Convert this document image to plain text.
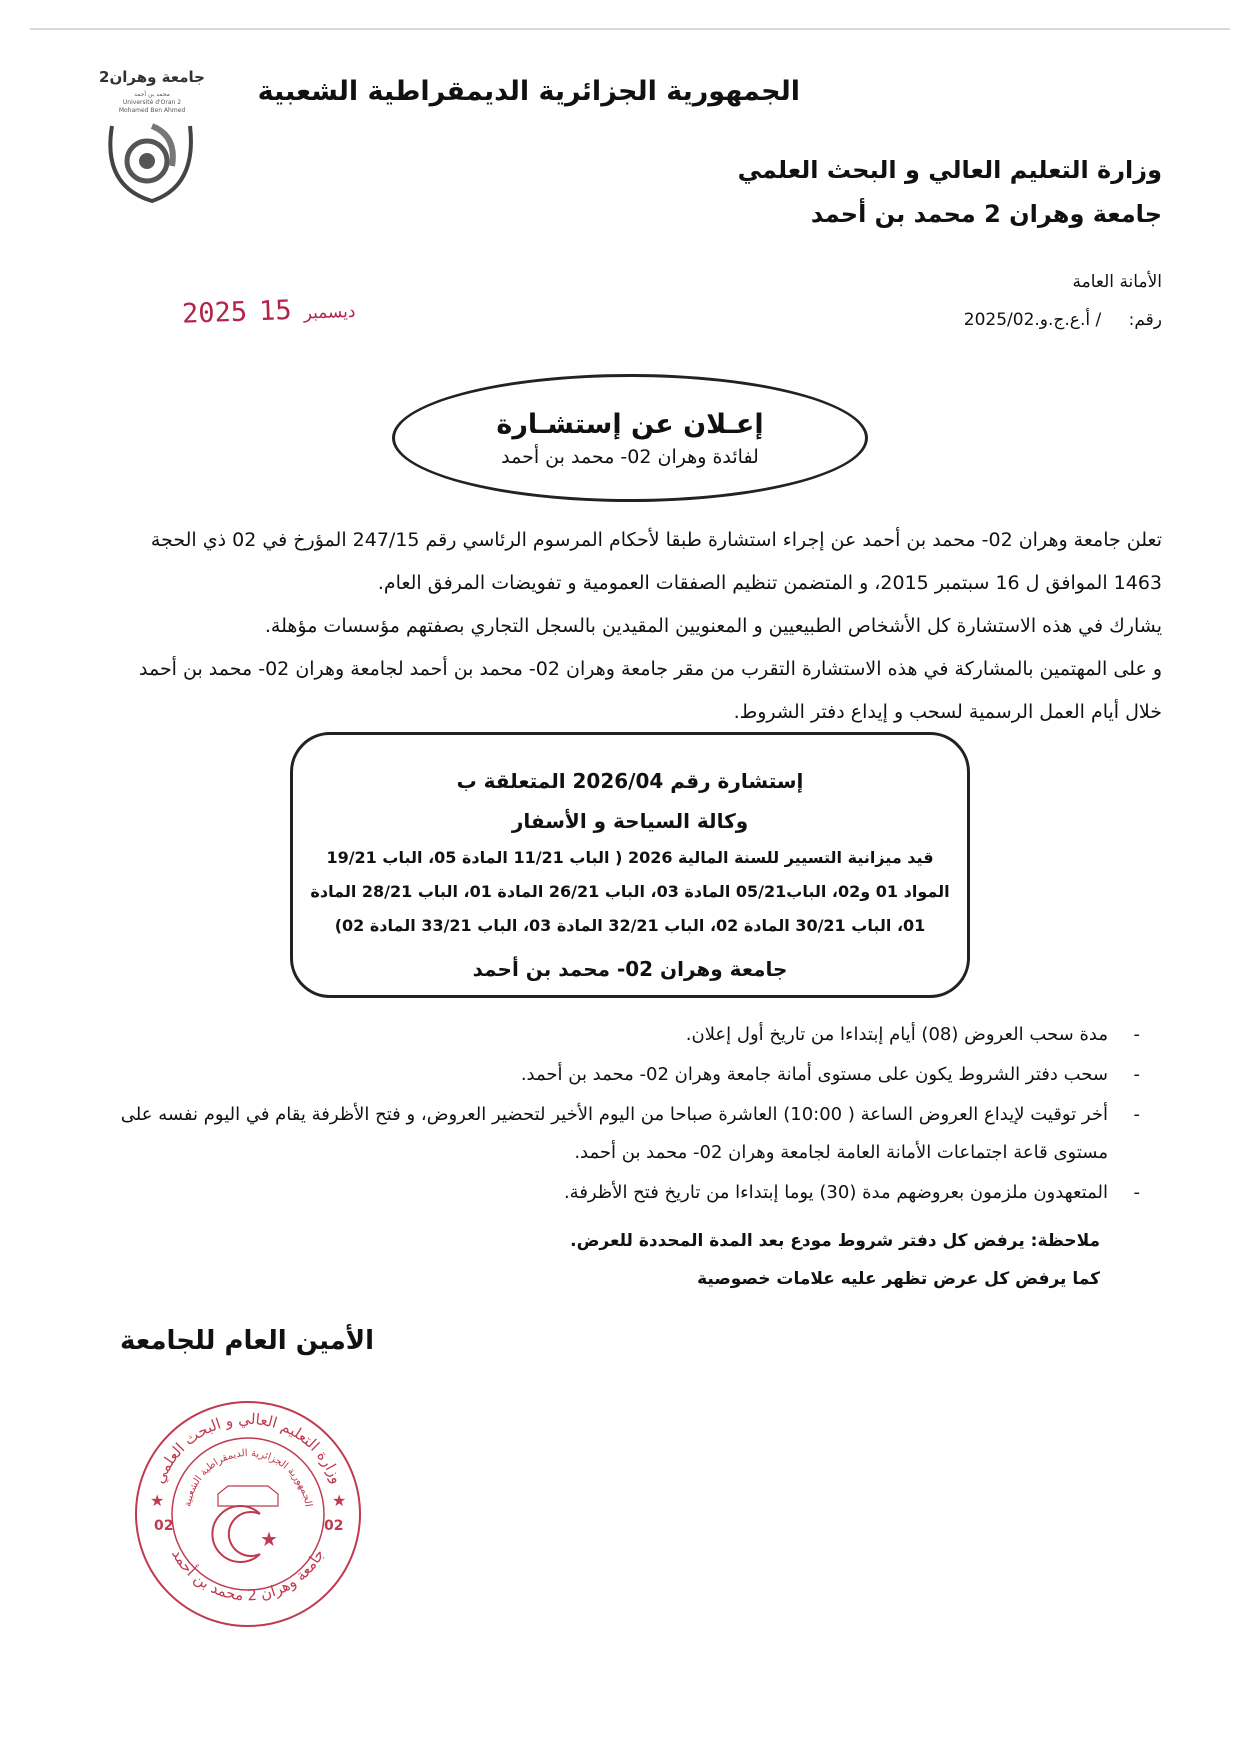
جامعة وهران2
محمد بن أحمد
Université d'Oran 2
Mohamed Ben Ahmed
الجمهورية الجزائرية الديمقراطية الشعبية
وزارة التعليم العالي و البحث العلمي
جامعة وهران 2 محمد بن أحمد
الأمانة العامة
رقم: / أ.ع.ج.و.2025/02
2025	ديسمبر15
إعـلان عن إستشـارة
لفائدة وهران 02- محمد بن أحمد

تعلن جامعة وهران 02- محمد بن أحمد عن إجراء استشارة طبقا لأحكام المرسوم الرئاسي رقم 247/15 المؤرخ في 02 ذي الحجة 1463 الموافق ل 16 سبتمبر 2015، و المتضمن تنظيم الصفقات العمومية و تفويضات المرفق العام.

يشارك في هذه الاستشارة كل الأشخاص الطبيعيين و المعنويين المقيدين بالسجل التجاري بصفتهم مؤسسات مؤهلة.

و على المهتمين بالمشاركة في هذه الاستشارة التقرب من مقر جامعة وهران 02- محمد بن أحمد لجامعة وهران 02- محمد بن أحمد خلال أيام العمل الرسمية لسحب و إيداع دفتر الشروط.

إستشارة رقم 2026/04 المتعلقة ب
وكالة السياحة و الأسفار
قيد ميزانية التسيير للسنة المالية 2026 ( الباب 11/21 المادة 05، الباب 19/21 المواد 01 و02، الباب05/21 المادة 03، الباب 26/21 المادة 01، الباب 28/21 المادة 01، الباب 30/21 المادة 02، الباب 32/21 المادة 03، الباب 33/21 المادة 02)
جامعة وهران 02- محمد بن أحمد
- مدة سحب العروض (08) أيام إبتداءا من تاريخ أول إعلان.
- سحب دفتر الشروط يكون على مستوى أمانة جامعة وهران 02- محمد بن أحمد.
- أخر توقيت لإيداع العروض الساعة ( 10:00) العاشرة صباحا من اليوم الأخير لتحضير العروض، و فتح الأظرفة يقام في اليوم نفسه على مستوى قاعة اجتماعات الأمانة العامة لجامعة وهران 02- محمد بن أحمد.
- المتعهدون ملزمون بعروضهم مدة (30) يوما إبتداءا من تاريخ فتح الأظرفة.
ملاحظة: يرفض كل دفتر شروط مودع بعد المدة المحددة للعرض.
كما يرفض كل عرض تظهر عليه علامات خصوصية
الأمين العام للجامعة
وزارة التعليم العالي و البحث العلمي
جامعة وهران 2 محمد بن أحمد
الجمهورية الجزائرية الديمقراطية الشعبية
02	02
★	★
★
